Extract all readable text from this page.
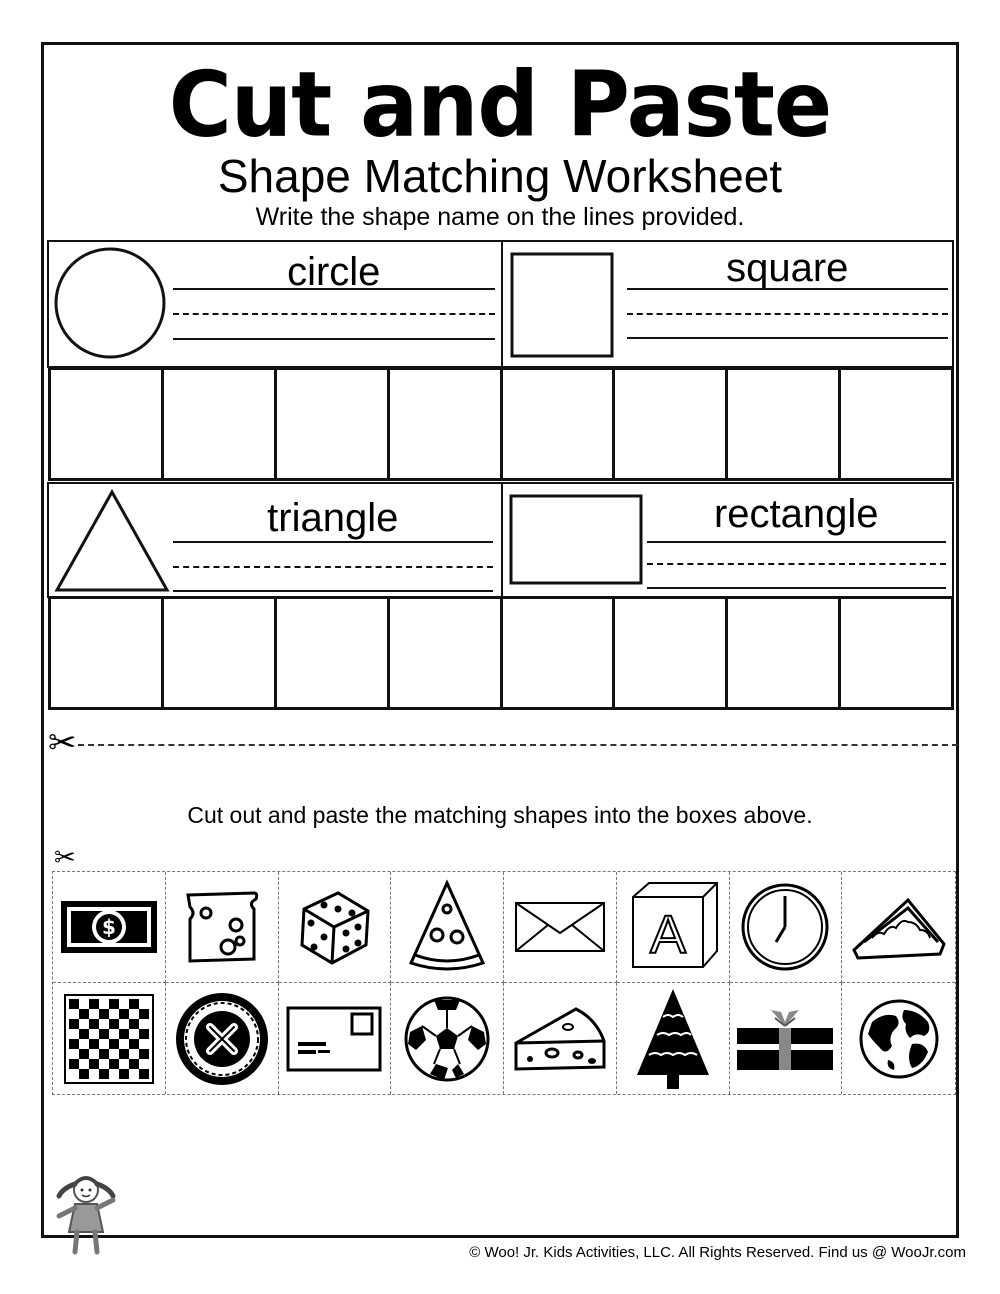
Cut and Paste
Shape Matching Worksheet
Write the shape name on the lines provided.
circle	square
triangle	rectangle
✂
Cut out and paste the matching shapes into the boxes above.
✂
$	A
© Woo! Jr. Kids Activities, LLC. All Rights Reserved. Find us @ WooJr.com
